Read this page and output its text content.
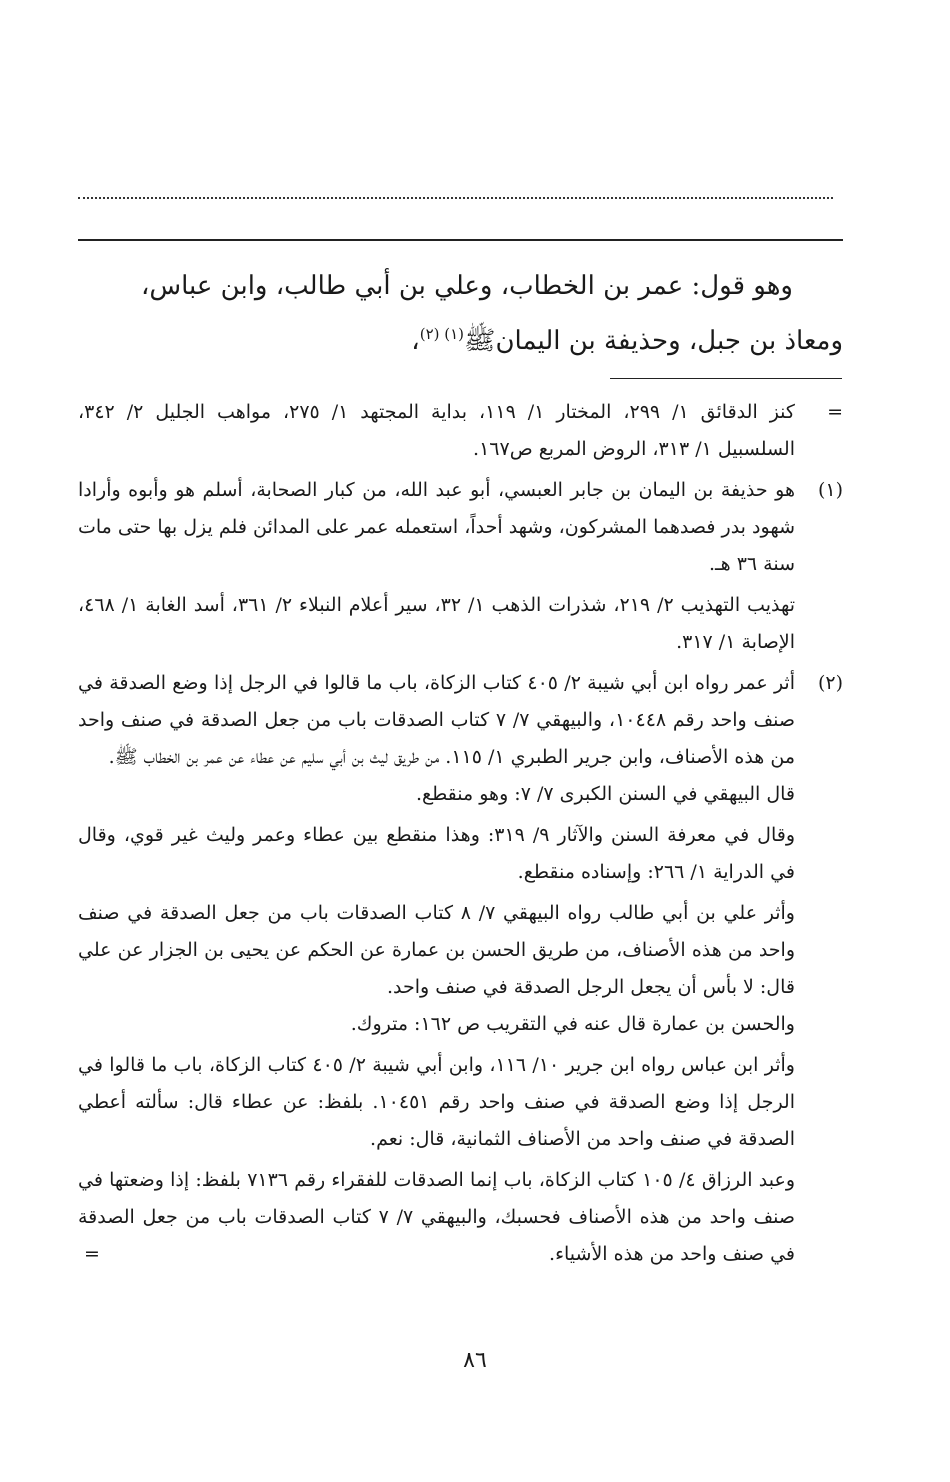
وهو قول: عمر بن الخطاب، وعلي بن أبي طالب، وابن عباس،

ومعاذ بن جبل، وحذيفة بن اليمانﷺ$^{(١) (٢)}$،

=

كنز الدقائق ١/ ٢٩٩، المختار ١/ ١١٩، بداية المجتهد ١/ ٢٧٥، مواهب الجليل ٢/ ٣٤٢، السلسبيل ١/ ٣١٣، الروض المربع ص١٦٧.

(١)

هو حذيفة بن اليمان بن جابر العبسي، أبو عبد الله، من كبار الصحابة، أسلم هو وأبوه وأرادا شهود بدر فصدهما المشركون، وشهد أحداً، استعمله عمر على المدائن فلم يزل بها حتى مات سنة ٣٦ هـ.

تهذيب التهذيب ٢/ ٢١٩، شذرات الذهب ١/ ٣٢، سير أعلام النبلاء ٢/ ٣٦١، أسد الغابة ١/ ٤٦٨، الإصابة ١/ ٣١٧.

(٢)

أثر عمر رواه ابن أبي شيبة ٢/ ٤٠٥ كتاب الزكاة، باب ما قالوا في الرجل إذا وضع الصدقة في صنف واحد رقم ١٠٤٤٨، والبيهقي ٧/ ٧ كتاب الصدقات باب من جعل الصدقة في صنف واحد من هذه الأصناف، وابن جرير الطبري ١/ ١١٥. من طريق ليث بن أبي سليم عن عطاء عن عمر بن الخطاب ﷺ.

قال البيهقي في السنن الكبرى ٧/ ٧: وهو منقطع.

وقال في معرفة السنن والآثار ٩/ ٣١٩: وهذا منقطع بين عطاء وعمر وليث غير قوي، وقال في الدراية ١/ ٢٦٦: وإسناده منقطع.

وأثر علي بن أبي طالب رواه البيهقي ٧/ ٨ كتاب الصدقات باب من جعل الصدقة في صنف واحد من هذه الأصناف، من طريق الحسن بن عمارة عن الحكم عن يحيى بن الجزار عن علي قال: لا بأس أن يجعل الرجل الصدقة في صنف واحد.

والحسن بن عمارة قال عنه في التقريب ص ١٦٢: متروك.

وأثر ابن عباس رواه ابن جرير ١٠/ ١١٦، وابن أبي شيبة ٢/ ٤٠٥ كتاب الزكاة، باب ما قالوا في الرجل إذا وضع الصدقة في صنف واحد رقم ١٠٤٥١. بلفظ: عن عطاء قال: سألته أعطي الصدقة في صنف واحد من الأصناف الثمانية، قال: نعم.

وعبد الرزاق ٤/ ١٠٥ كتاب الزكاة، باب إنما الصدقات للفقراء رقم ٧١٣٦ بلفظ: إذا وضعتها في صنف واحد من هذه الأصناف فحسبك، والبيهقي ٧/ ٧ كتاب الصدقات باب من جعل الصدقة في صنف واحد من هذه الأشياء.
=

٨٦
